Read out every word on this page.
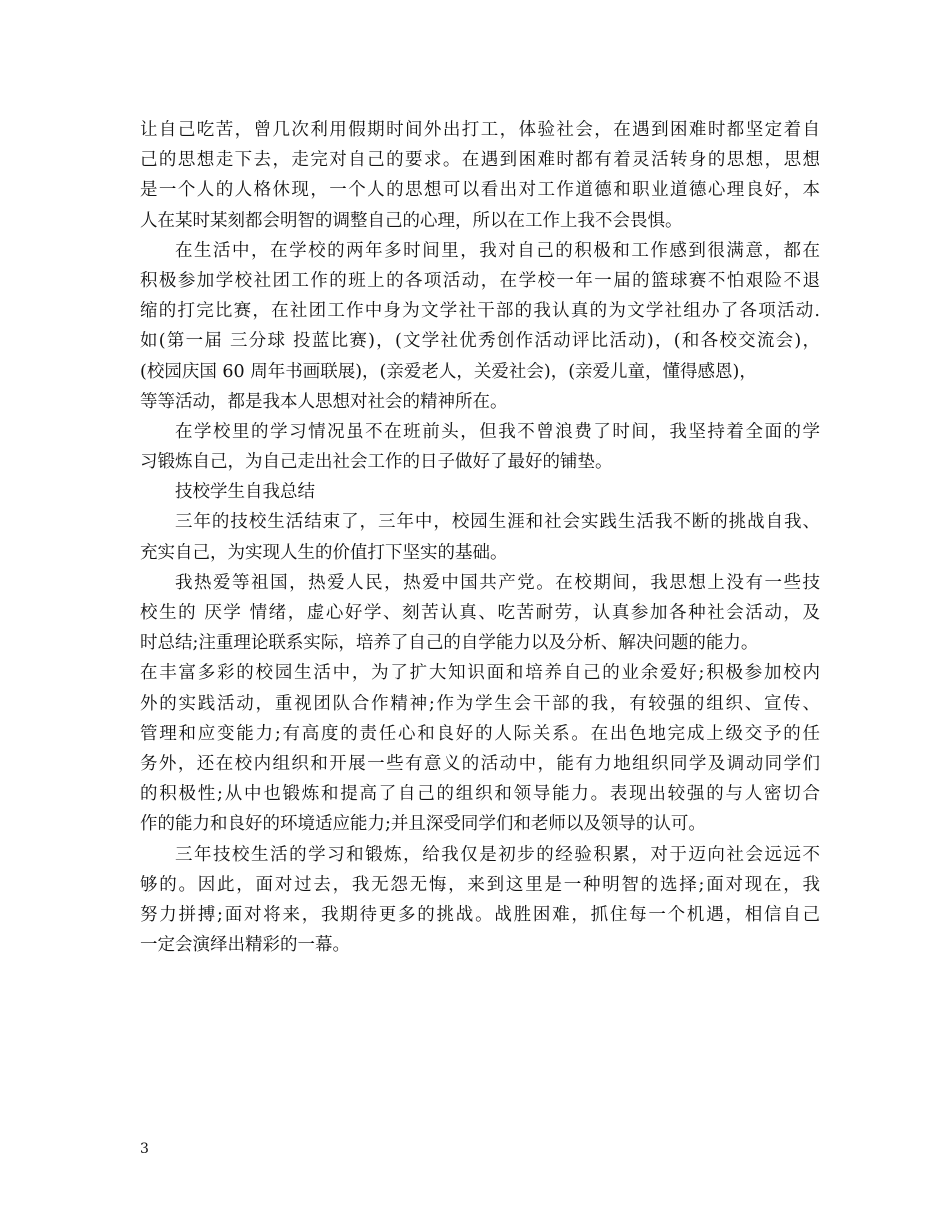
让自己吃苦，曾几次利用假期时间外出打工，体验社会，在遇到困难时都坚定着自
己的思想走下去，走完对自己的要求。在遇到困难时都有着灵活转身的思想，思想
是一个人的人格休现，一个人的思想可以看出对工作道德和职业道德心理良好，本
人在某时某刻都会明智的调整自己的心理，所以在工作上我不会畏惧。
在生活中，在学校的两年多时间里，我对自己的积极和工作感到很满意，都在
积极参加学校社团工作的班上的各项活动，在学校一年一届的篮球赛不怕艰险不退
缩的打完比赛，在社团工作中身为文学社干部的我认真的为文学社组办了各项活动.
如(第一届 三分球 投蓝比赛)，(文学社优秀创作活动评比活动)，(和各校交流会)，
(校园庆国 60 周年书画联展)，(亲爱老人，关爱社会)，(亲爱儿童，懂得感恩)，
等等活动，都是我本人思想对社会的精神所在。
在学校里的学习情况虽不在班前头，但我不曾浪费了时间，我坚持着全面的学
习锻炼自己，为自己走出社会工作的日子做好了最好的铺垫。
技校学生自我总结
三年的技校生活结束了，三年中，校园生涯和社会实践生活我不断的挑战自我、
充实自己，为实现人生的价值打下坚实的基础。
我热爱等祖国，热爱人民，热爱中国共产党。在校期间，我思想上没有一些技
校生的 厌学 情绪，虚心好学、刻苦认真、吃苦耐劳，认真参加各种社会活动，及
时总结;注重理论联系实际，培养了自己的自学能力以及分析、解决问题的能力。
在丰富多彩的校园生活中，为了扩大知识面和培养自己的业余爱好;积极参加校内
外的实践活动，重视团队合作精神;作为学生会干部的我，有较强的组织、宣传、
管理和应变能力;有高度的责任心和良好的人际关系。在出色地完成上级交予的任
务外，还在校内组织和开展一些有意义的活动中，能有力地组织同学及调动同学们
的积极性;从中也锻炼和提高了自己的组织和领导能力。表现出较强的与人密切合
作的能力和良好的环境适应能力;并且深受同学们和老师以及领导的认可。
三年技校生活的学习和锻炼，给我仅是初步的经验积累，对于迈向社会远远不
够的。因此，面对过去，我无怨无悔，来到这里是一种明智的选择;面对现在，我
努力拼搏;面对将来，我期待更多的挑战。战胜困难，抓住每一个机遇，相信自己
一定会演绎出精彩的一幕。
3
